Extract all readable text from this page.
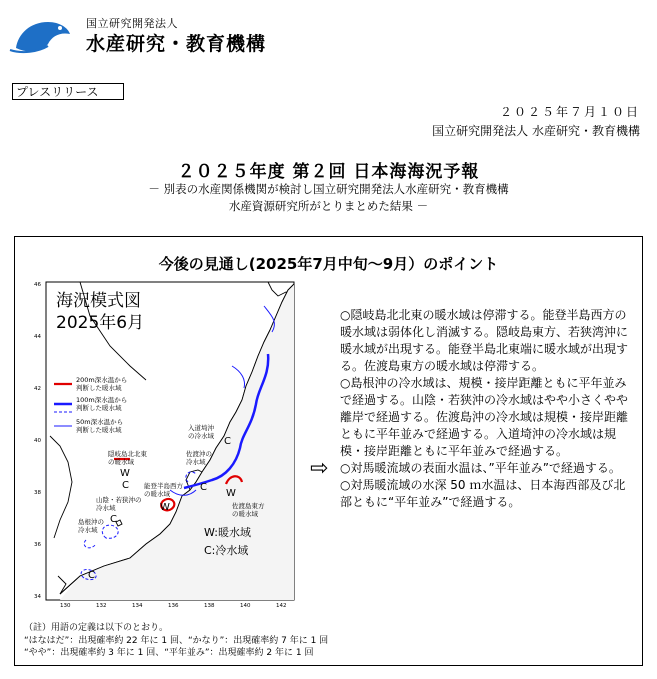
国立研究開発法人
水産研究・教育機構
プレスリリース
２０２５年７月１０日
国立研究開発法人 水産研究・教育機構
２０２５年度 第２回 日本海海況予報
－ 別表の水産関係機関が検討し国立研究開発法人水産研究・教育機構
水産資源研究所がとりまとめた結果 －
今後の見通し(2025年7月中旬～9月）のポイント
200m深水温から
判断した暖水域
100m深水温から
判断した暖水域
50m深水温から
判断した暖水域
海況模式図
2025年6月
入道埼沖
の冷水域
佐渡沖の
冷水域
隠岐島北北東
の暖水域
能登半島西方
の暖水域
佐渡島東方
の暖水域
山陰・若狭沖の
冷水域
島根沖の
冷水域
W
C
W
W
C
C
C
C
W:暖水域
C:冷水域
130	132	134	136	138	140	142
46
44
42
40
38
36
34
⇨

○隠岐島北北東の暖水域は停滞する。能登半島西方の暖水域は弱体化し消滅する。隠岐島東方、若狭湾沖に暖水域が出現する。能登半島北東端に暖水域が出現する。佐渡島東方の暖水域は停滞する。

○島根沖の冷水域は、規模・接岸距離ともに平年並みで経過する。山陰・若狭沖の冷水域はやや小さくやや離岸で経過する。佐渡島沖の冷水域は規模・接岸距離ともに平年並みで経過する。入道埼沖の冷水域は規模・接岸距離ともに平年並みで経過する。

○対馬暖流域の表面水温は、”平年並み”で経過する。

○対馬暖流域の水深 50 ｍ水温は、日本海西部及び北部ともに“平年並み”で経過する。

（註）用語の定義は以下のとおり。
“はなはだ”：出現確率約 22 年に 1 回、“かなり”：出現確率約 7 年に 1 回
“やや”：出現確率約 3 年に 1 回、“平年並み”：出現確率約 2 年に 1 回
